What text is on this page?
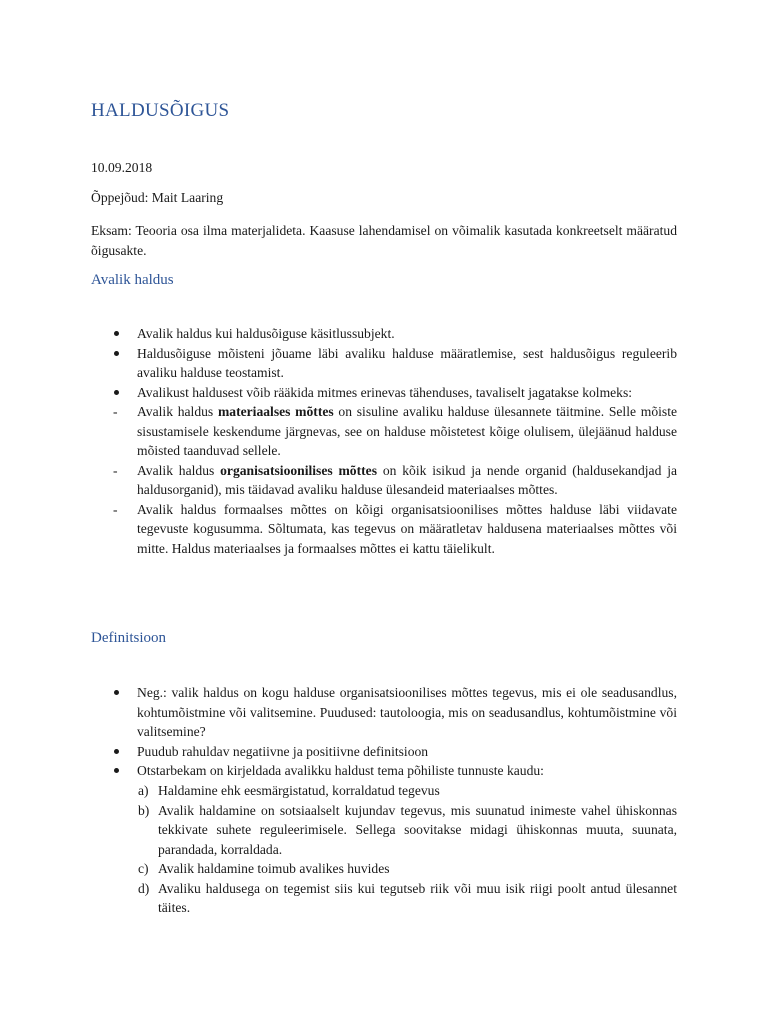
HALDUSÕIGUS

10.09.2018

Õppejõud: Mait Laaring

Eksam: Teooria osa ilma materjalideta. Kaasuse lahendamisel on võimalik kasutada konkreetselt määratud õigusakte.

Avalik haldus
Avalik haldus kui haldusõiguse käsitlussubjekt.
Haldusõiguse mõisteni jõuame läbi avaliku halduse määratlemise, sest haldusõigus reguleerib avaliku halduse teostamist.
Avalikust haldusest võib rääkida mitmes erinevas tähenduses, tavaliselt jagatakse kolmeks:
-	Avalik haldus materiaalses mõttes on sisuline avaliku halduse ülesannete täitmine. Selle mõiste sisustamisele keskendume järgnevas, see on halduse mõistetest kõige olulisem, ülejäänud halduse mõisted taanduvad sellele.
-	Avalik haldus organisatsioonilises mõttes on kõik isikud ja nende organid (haldusekandjad ja haldusorganid), mis täidavad avaliku halduse ülesandeid materiaalses mõttes.
-	Avalik haldus formaalses mõttes on kõigi organisatsioonilises mõttes halduse läbi viidavate tegevuste kogusumma. Sõltumata, kas tegevus on määratletav haldusena materiaalses mõttes või mitte. Haldus materiaalses ja formaalses mõttes ei kattu täielikult.
Definitsioon
Neg.: valik haldus on kogu halduse organisatsioonilises mõttes tegevus, mis ei ole seadusandlus, kohtumõistmine või valitsemine. Puudused: tautoloogia, mis on seadusandlus, kohtumõistmine või valitsemine?
Puudub rahuldav negatiivne ja positiivne definitsioon
Otstarbekam on kirjeldada avalikku haldust tema põhiliste tunnuste kaudu:
a) Haldamine ehk eesmärgistatud, korraldatud tegevus
b) Avalik haldamine on sotsiaalselt kujundav tegevus, mis suunatud inimeste vahel ühiskonnas tekkivate suhete reguleerimisele. Sellega soovitakse midagi ühiskonnas muuta, suunata, parandada, korraldada.
c) Avalik haldamine toimub avalikes huvides
d) Avaliku haldusega on tegemist siis kui tegutseb riik või muu isik riigi poolt antud ülesannet täites.
